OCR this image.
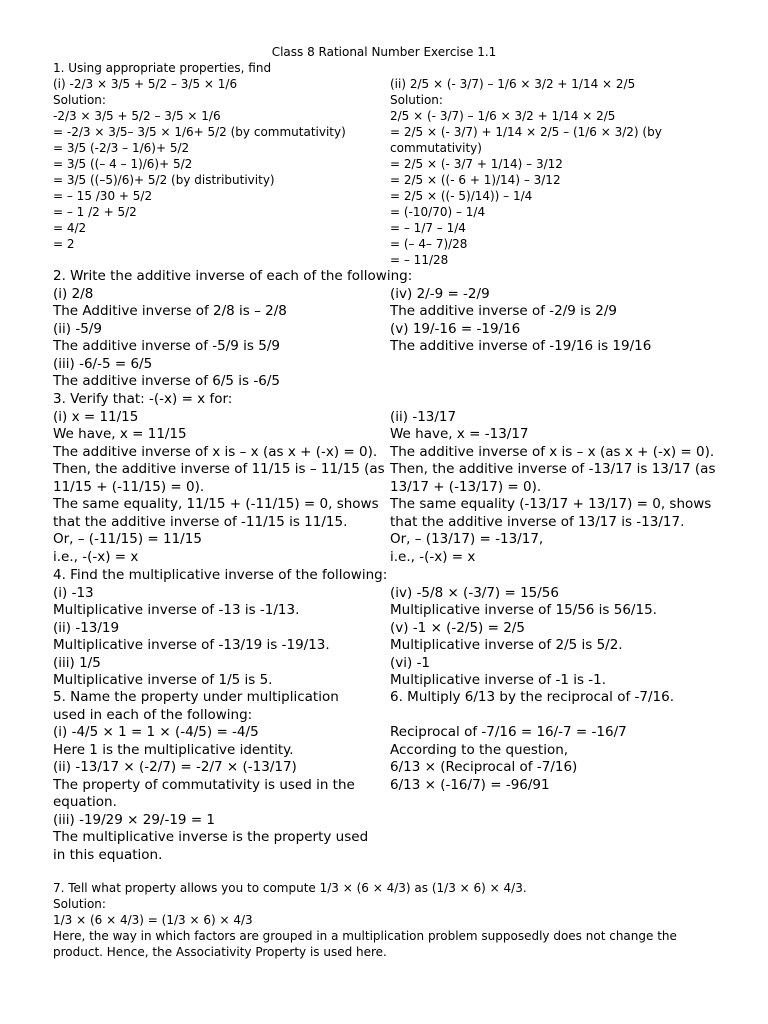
Class 8 Rational Number Exercise 1.1
1. Using appropriate properties, find
(i) -2/3 × 3/5 + 5/2 – 3/5 × 1/6
Solution:
-2/3 × 3/5 + 5/2 – 3/5 × 1/6
= -2/3 × 3/5– 3/5 × 1/6+ 5/2 (by commutativity)
= 3/5 (-2/3 – 1/6)+ 5/2
= 3/5 ((– 4 – 1)/6)+ 5/2
= 3/5 ((–5)/6)+ 5/2 (by distributivity)
= – 15 /30 + 5/2
= – 1 /2 + 5/2
= 4/2
= 2
(ii) 2/5 × (- 3/7) – 1/6 × 3/2 + 1/14 × 2/5
Solution:
2/5 × (- 3/7) – 1/6 × 3/2 + 1/14 × 2/5
= 2/5 × (- 3/7) + 1/14 × 2/5 – (1/6 × 3/2) (by
commutativity)
= 2/5 × (- 3/7 + 1/14) – 3/12
= 2/5 × ((- 6 + 1)/14) – 3/12
= 2/5 × ((- 5)/14)) – 1/4
= (-10/70) – 1/4
= – 1/7 – 1/4
= (– 4– 7)/28
= – 11/28
2. Write the additive inverse of each of the following:
(i) 2/8
The Additive inverse of 2/8 is – 2/8
(ii) -5/9
The additive inverse of -5/9 is 5/9
(iii) -6/-5 = 6/5
The additive inverse of 6/5 is -6/5
(iv) 2/-9 = -2/9
The additive inverse of -2/9 is 2/9
(v) 19/-16 = -19/16
The additive inverse of -19/16 is 19/16
3. Verify that: -(-x) = x for:
(i) x = 11/15
We have, x = 11/15
The additive inverse of x is – x (as x + (-x) = 0).
Then, the additive inverse of 11/15 is – 11/15 (as
11/15 + (-11/15) = 0).
The same equality, 11/15 + (-11/15) = 0, shows
that the additive inverse of -11/15 is 11/15.
Or, – (-11/15) = 11/15
i.e., -(-x) = x
(ii) -13/17
We have, x = -13/17
The additive inverse of x is – x (as x + (-x) = 0).
Then, the additive inverse of -13/17 is 13/17 (as
13/17 + (-13/17) = 0).
The same equality (-13/17 + 13/17) = 0, shows
that the additive inverse of 13/17 is -13/17.
Or, – (13/17) = -13/17,
i.e., -(-x) = x
4. Find the multiplicative inverse of the following:
(i) -13
Multiplicative inverse of -13 is -1/13.
(ii) -13/19
Multiplicative inverse of -13/19 is -19/13.
(iii) 1/5
Multiplicative inverse of 1/5 is 5.
(iv) -5/8 × (-3/7) = 15/56
Multiplicative inverse of 15/56 is 56/15.
(v) -1 × (-2/5) = 2/5
Multiplicative inverse of 2/5 is 5/2.
(vi) -1
Multiplicative inverse of -1 is -1.
5. Name the property under multiplication
used in each of the following:
(i) -4/5 × 1 = 1 × (-4/5) = -4/5
Here 1 is the multiplicative identity.
(ii) -13/17 × (-2/7) = -2/7 × (-13/17)
The property of commutativity is used in the
equation.
(iii) -19/29 × 29/-19 = 1
The multiplicative inverse is the property used
in this equation.
6. Multiply 6/13 by the reciprocal of -7/16.
Reciprocal of -7/16 = 16/-7 = -16/7
According to the question,
6/13 × (Reciprocal of -7/16)
6/13 × (-16/7) = -96/91
7. Tell what property allows you to compute 1/3 × (6 × 4/3) as (1/3 × 6) × 4/3.
Solution:
1/3 × (6 × 4/3) = (1/3 × 6) × 4/3
Here, the way in which factors are grouped in a multiplication problem supposedly does not change the
product. Hence, the Associativity Property is used here.
